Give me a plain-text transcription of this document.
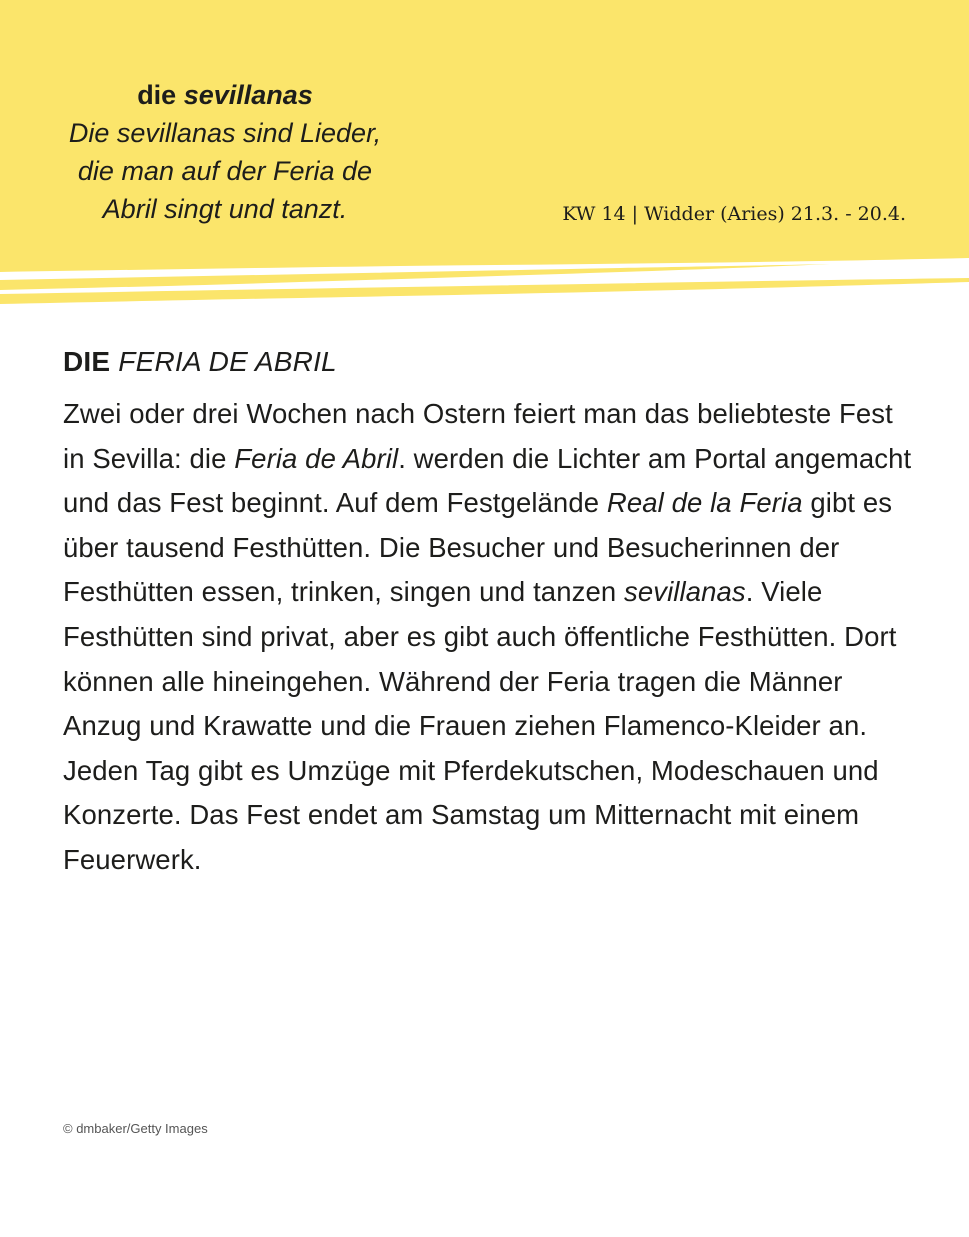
die sevillanas
Die sevillanas sind Lieder,
die man auf der Feria de
Abril singt und tanzt.	KW 14 | Widder (Aries) 21.3. - 20.4.
DIE FERIA DE ABRIL

Zwei oder drei Wochen nach Ostern feiert man das beliebteste Fest in Sevilla: die Feria de Abril. werden die Lichter am Portal angemacht und das Fest beginnt. Auf dem Festgelände Real de la Feria gibt es über tausend Festhütten. Die Besucher und Besucherinnen der Festhütten essen, trinken, singen und tanzen sevillanas. Viele Festhütten sind privat, aber es gibt auch öffentliche Festhütten. Dort können alle hineingehen. Während der Feria tragen die Männer Anzug und Krawatte und die Frauen ziehen Flamenco-Kleider an. Jeden Tag gibt es Umzüge mit Pferdekutschen, Modeschauen und Konzerte. Das Fest endet am Samstag um Mitternacht mit einem Feuerwerk.

© dmbaker/Getty Images
